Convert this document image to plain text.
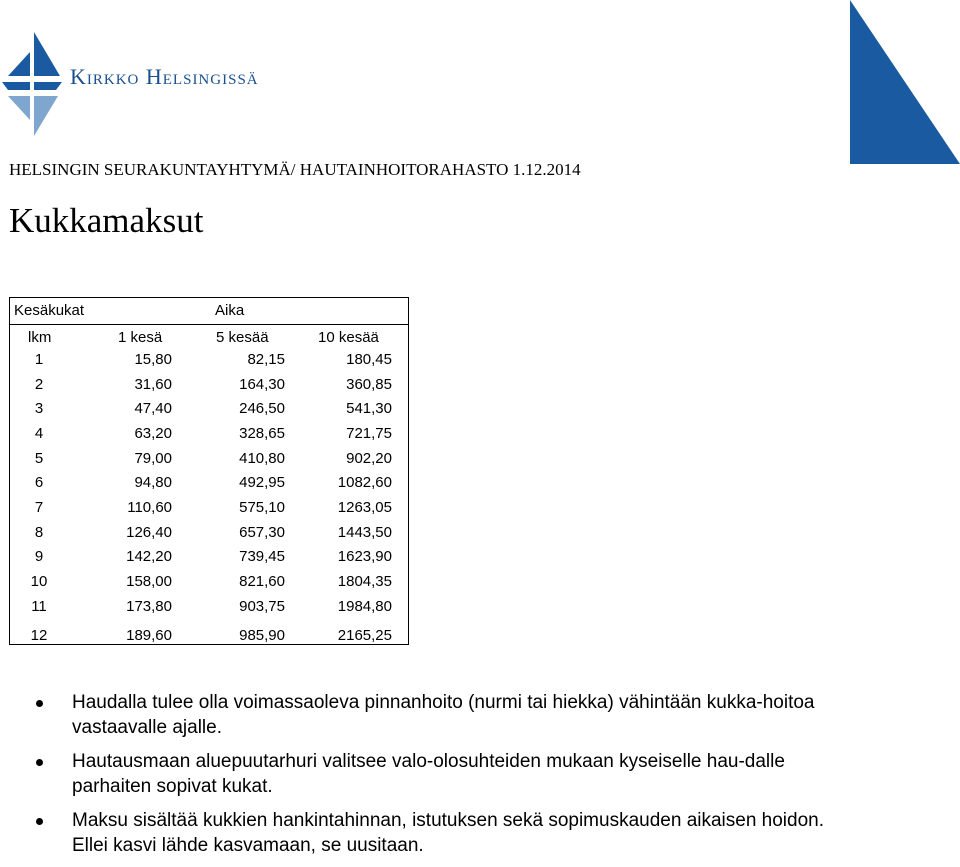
Kirkko Helsingissä
HELSINGIN SEURAKUNTAYHTYMÄ/ HAUTAINHOITORAHASTO 1.12.2014
Kukkamaksut
Kesäkukat	Aika
lkm	1 kesä	5 kesää	10 kesää
1	15,80	82,15	180,45
2	31,60	164,30	360,85
3	47,40	246,50	541,30
4	63,20	328,65	721,75
5	79,00	410,80	902,20
6	94,80	492,95	1082,60
7	110,60	575,10	1263,05
8	126,40	657,30	1443,50
9	142,20	739,45	1623,90
10	158,00	821,60	1804,35
11	173,80	903,75	1984,80
12	189,60	985,90	2165,25
Haudalla tulee olla voimassaoleva pinnanhoito (nurmi tai hiekka) vähintään kukka-hoitoa vastaavalle ajalle.
Hautausmaan aluepuutarhuri valitsee valo-olosuhteiden mukaan kyseiselle hau-dalle parhaiten sopivat kukat.
Maksu sisältää kukkien hankintahinnan, istutuksen sekä sopimuskauden aikaisen hoidon. Ellei kasvi lähde kasvamaan, se uusitaan.
